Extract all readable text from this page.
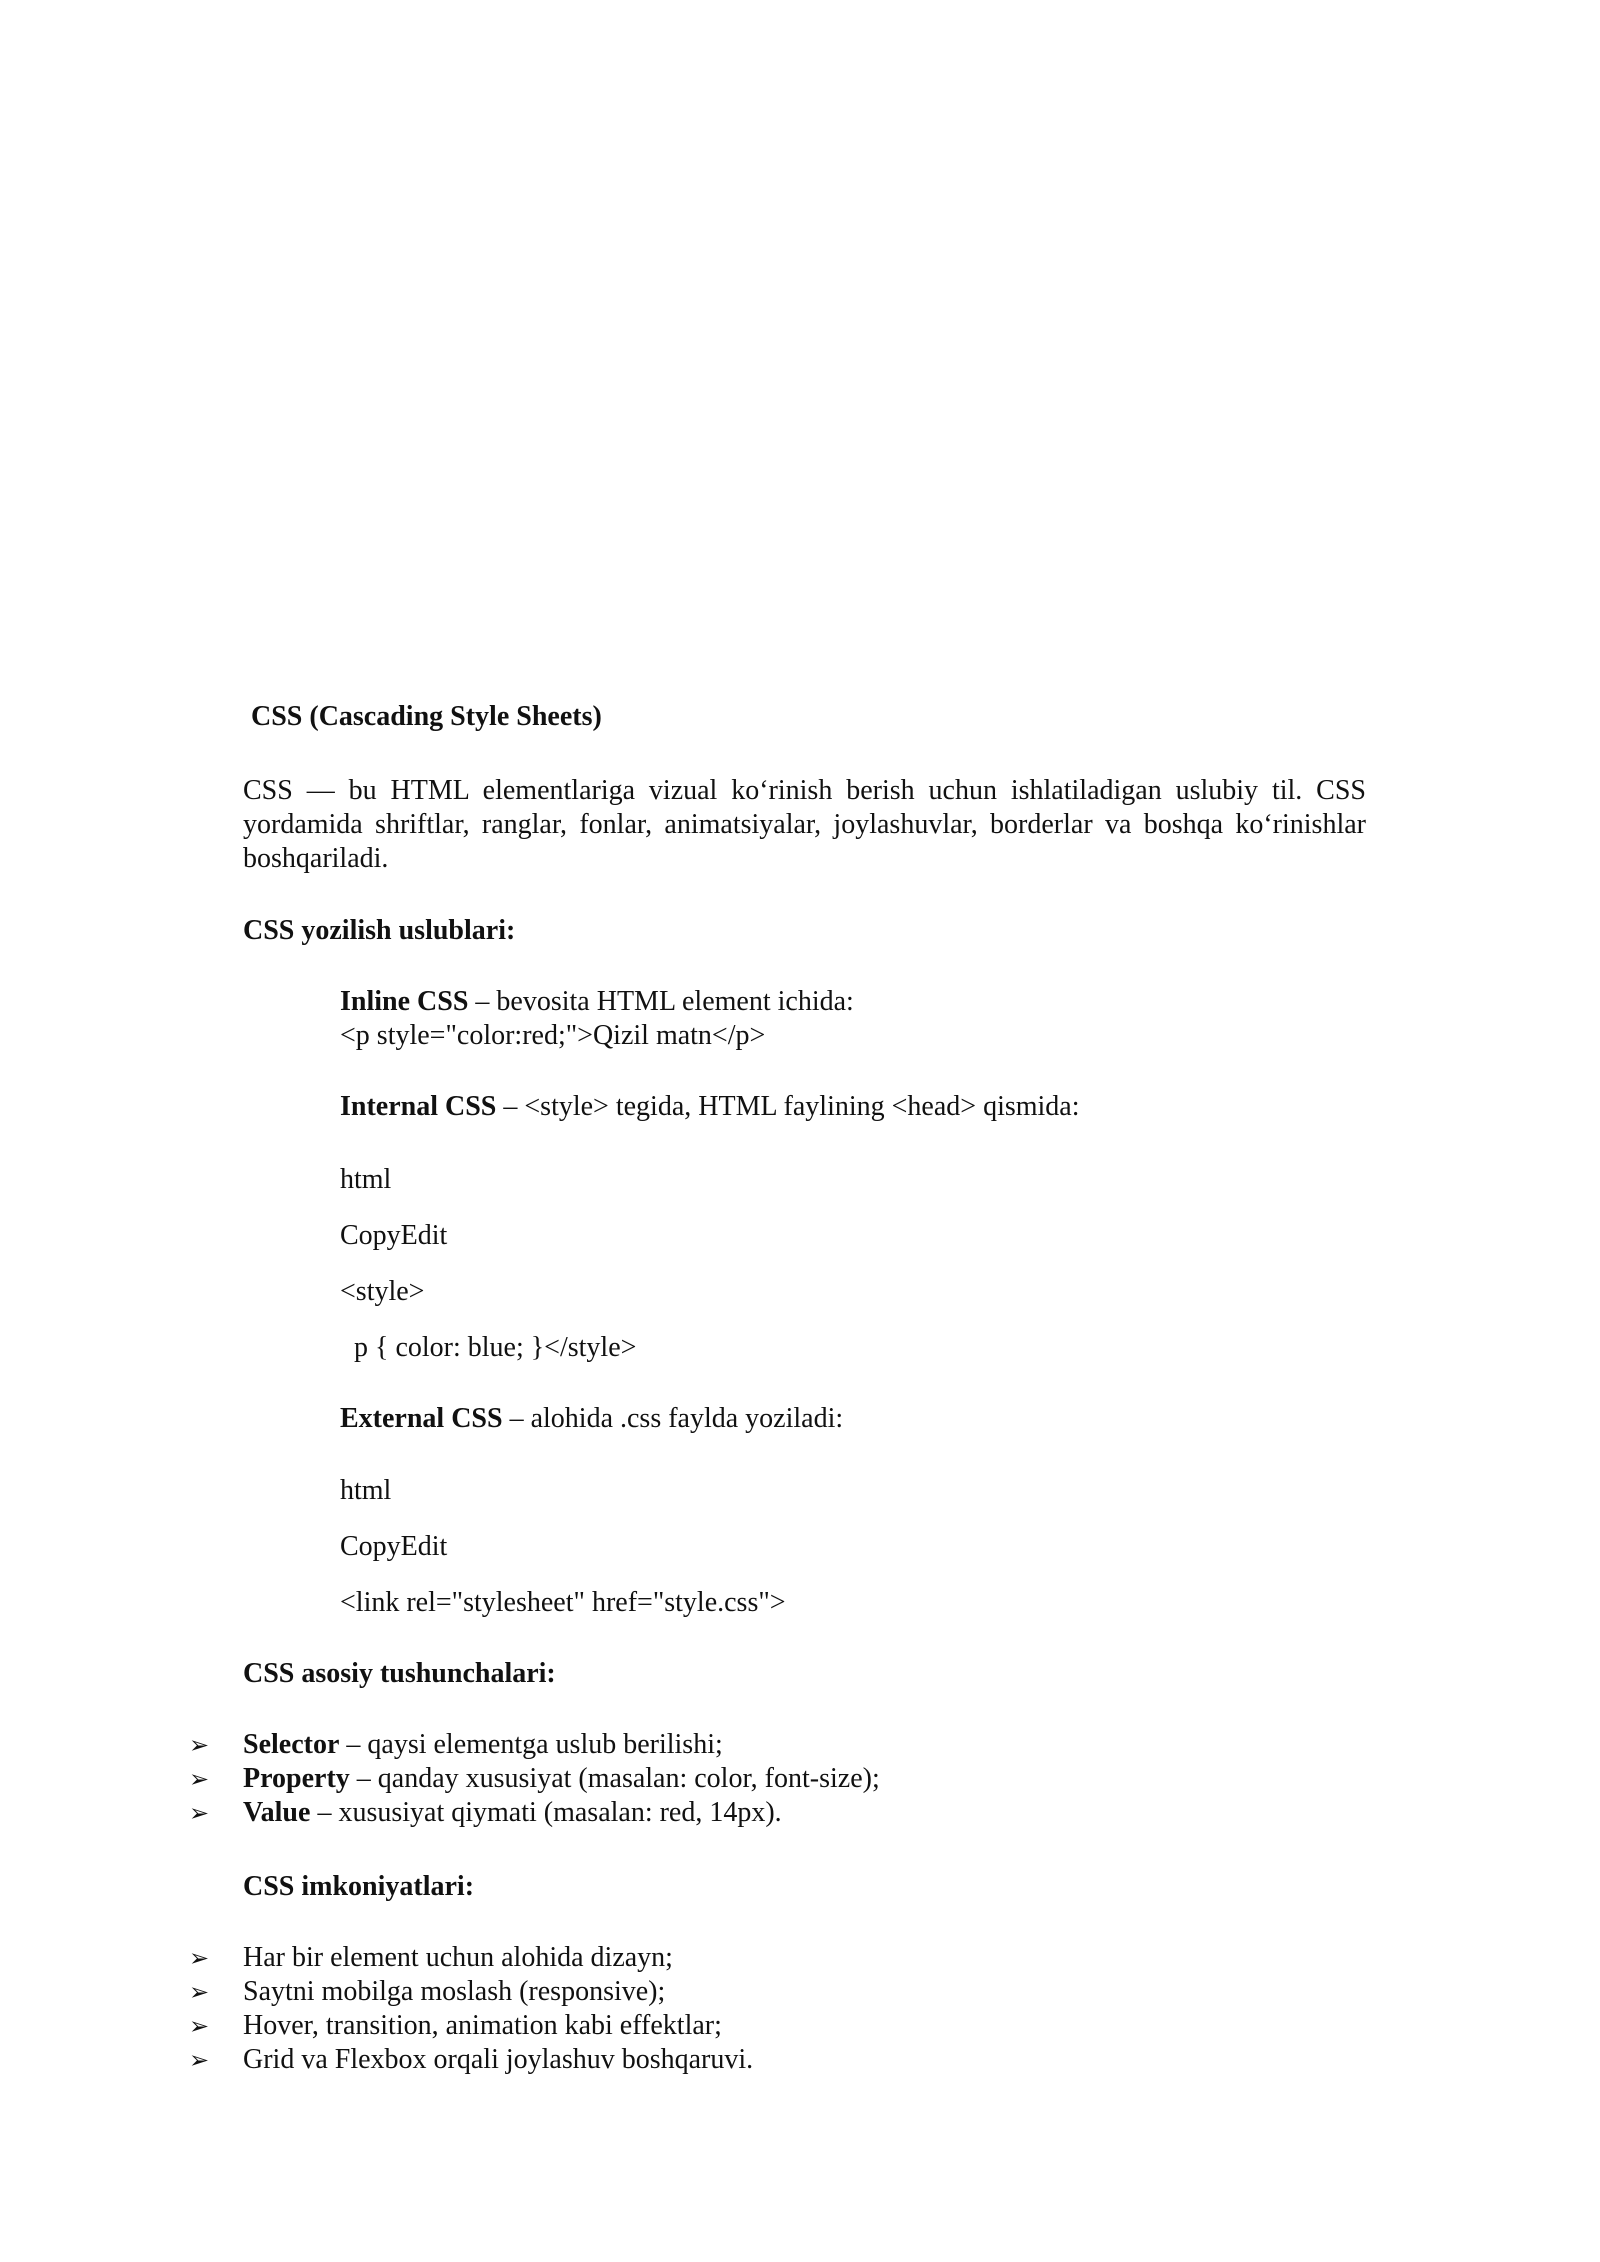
CSS (Cascading Style Sheets)
CSS — bu HTML elementlariga vizual ko‘rinish berish uchun ishlatiladigan uslubiy til. CSS yordamida shriftlar, ranglar, fonlar, animatsiyalar, joylashuvlar, borderlar va boshqa ko‘rinishlar boshqariladi.
CSS yozilish uslublari:
Inline CSS – bevosita HTML element ichida:
<p style="color:red;">Qizil matn</p>
Internal CSS – <style> tegida, HTML faylining <head> qismida:
html
CopyEdit
<style>
p { color: blue; }</style>
External CSS – alohida .css faylda yoziladi:
html
CopyEdit
<link rel="stylesheet" href="style.css">
CSS asosiy tushunchalari:
➢ Selector – qaysi elementga uslub berilishi;
➢ Property – qanday xususiyat (masalan: color, font-size);
➢ Value – xususiyat qiymati (masalan: red, 14px).
CSS imkoniyatlari:
➢ Har bir element uchun alohida dizayn;
➢ Saytni mobilga moslash (responsive);
➢ Hover, transition, animation kabi effektlar;
➢ Grid va Flexbox orqali joylashuv boshqaruvi.
